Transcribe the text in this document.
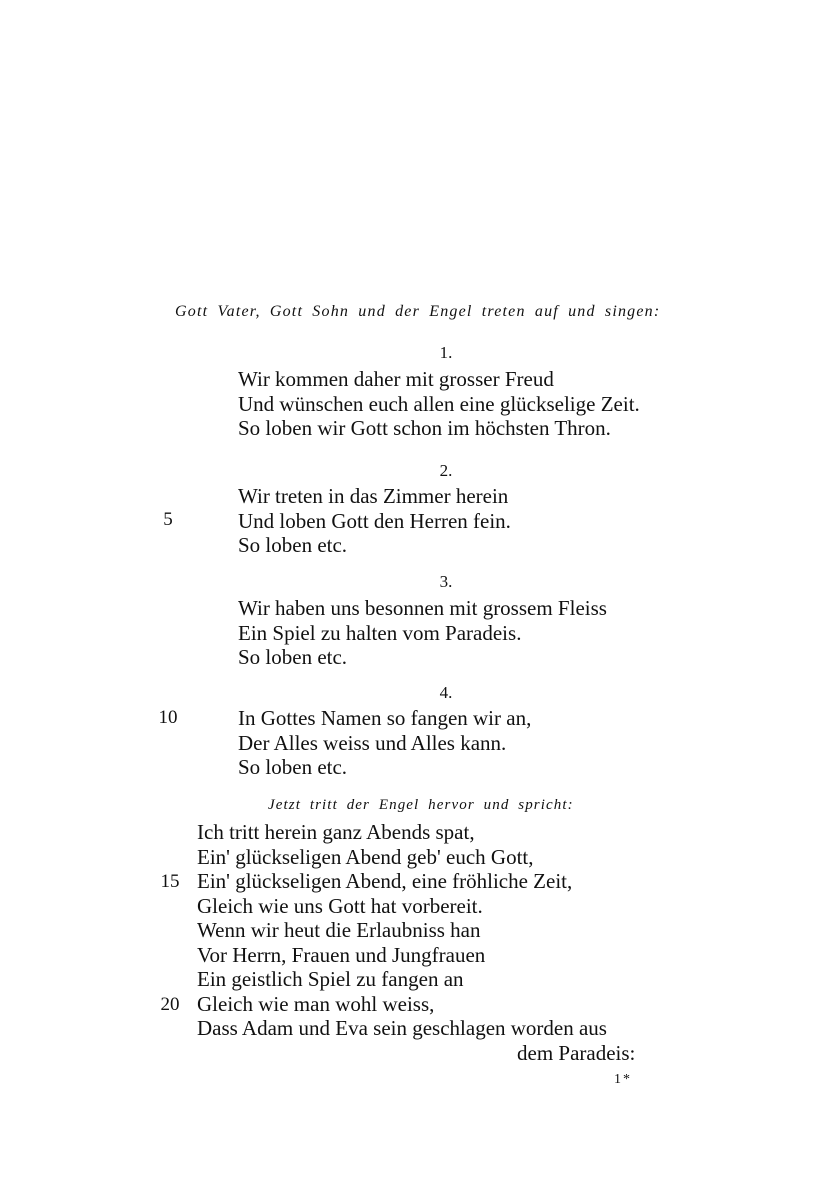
Gott Vater, Gott Sohn und der Engel treten auf und singen:
1.
Wir kommen daher mit grosser Freud
Und wünschen euch allen eine glückselige Zeit.
So loben wir Gott schon im höchsten Thron.
2.
Wir treten in das Zimmer herein
Und loben Gott den Herren fein.
So loben etc.
5
3.
Wir haben uns besonnen mit grossem Fleiss
Ein Spiel zu halten vom Paradeis.
So loben etc.
4.
In Gottes Namen so fangen wir an,
Der Alles weiss und Alles kann.
So loben etc.
10
Jetzt tritt der Engel hervor und spricht:
Ich tritt herein ganz Abends spat,
Ein' glückseligen Abend geb' euch Gott,
Ein' glückseligen Abend, eine fröhliche Zeit,
Gleich wie uns Gott hat vorbereit.
Wenn wir heut die Erlaubniss han
Vor Herrn, Frauen und Jungfrauen
Ein geistlich Spiel zu fangen an
Gleich wie man wohl weiss,
Dass Adam und Eva sein geschlagen worden aus
dem Paradeis:
15
20
1*
